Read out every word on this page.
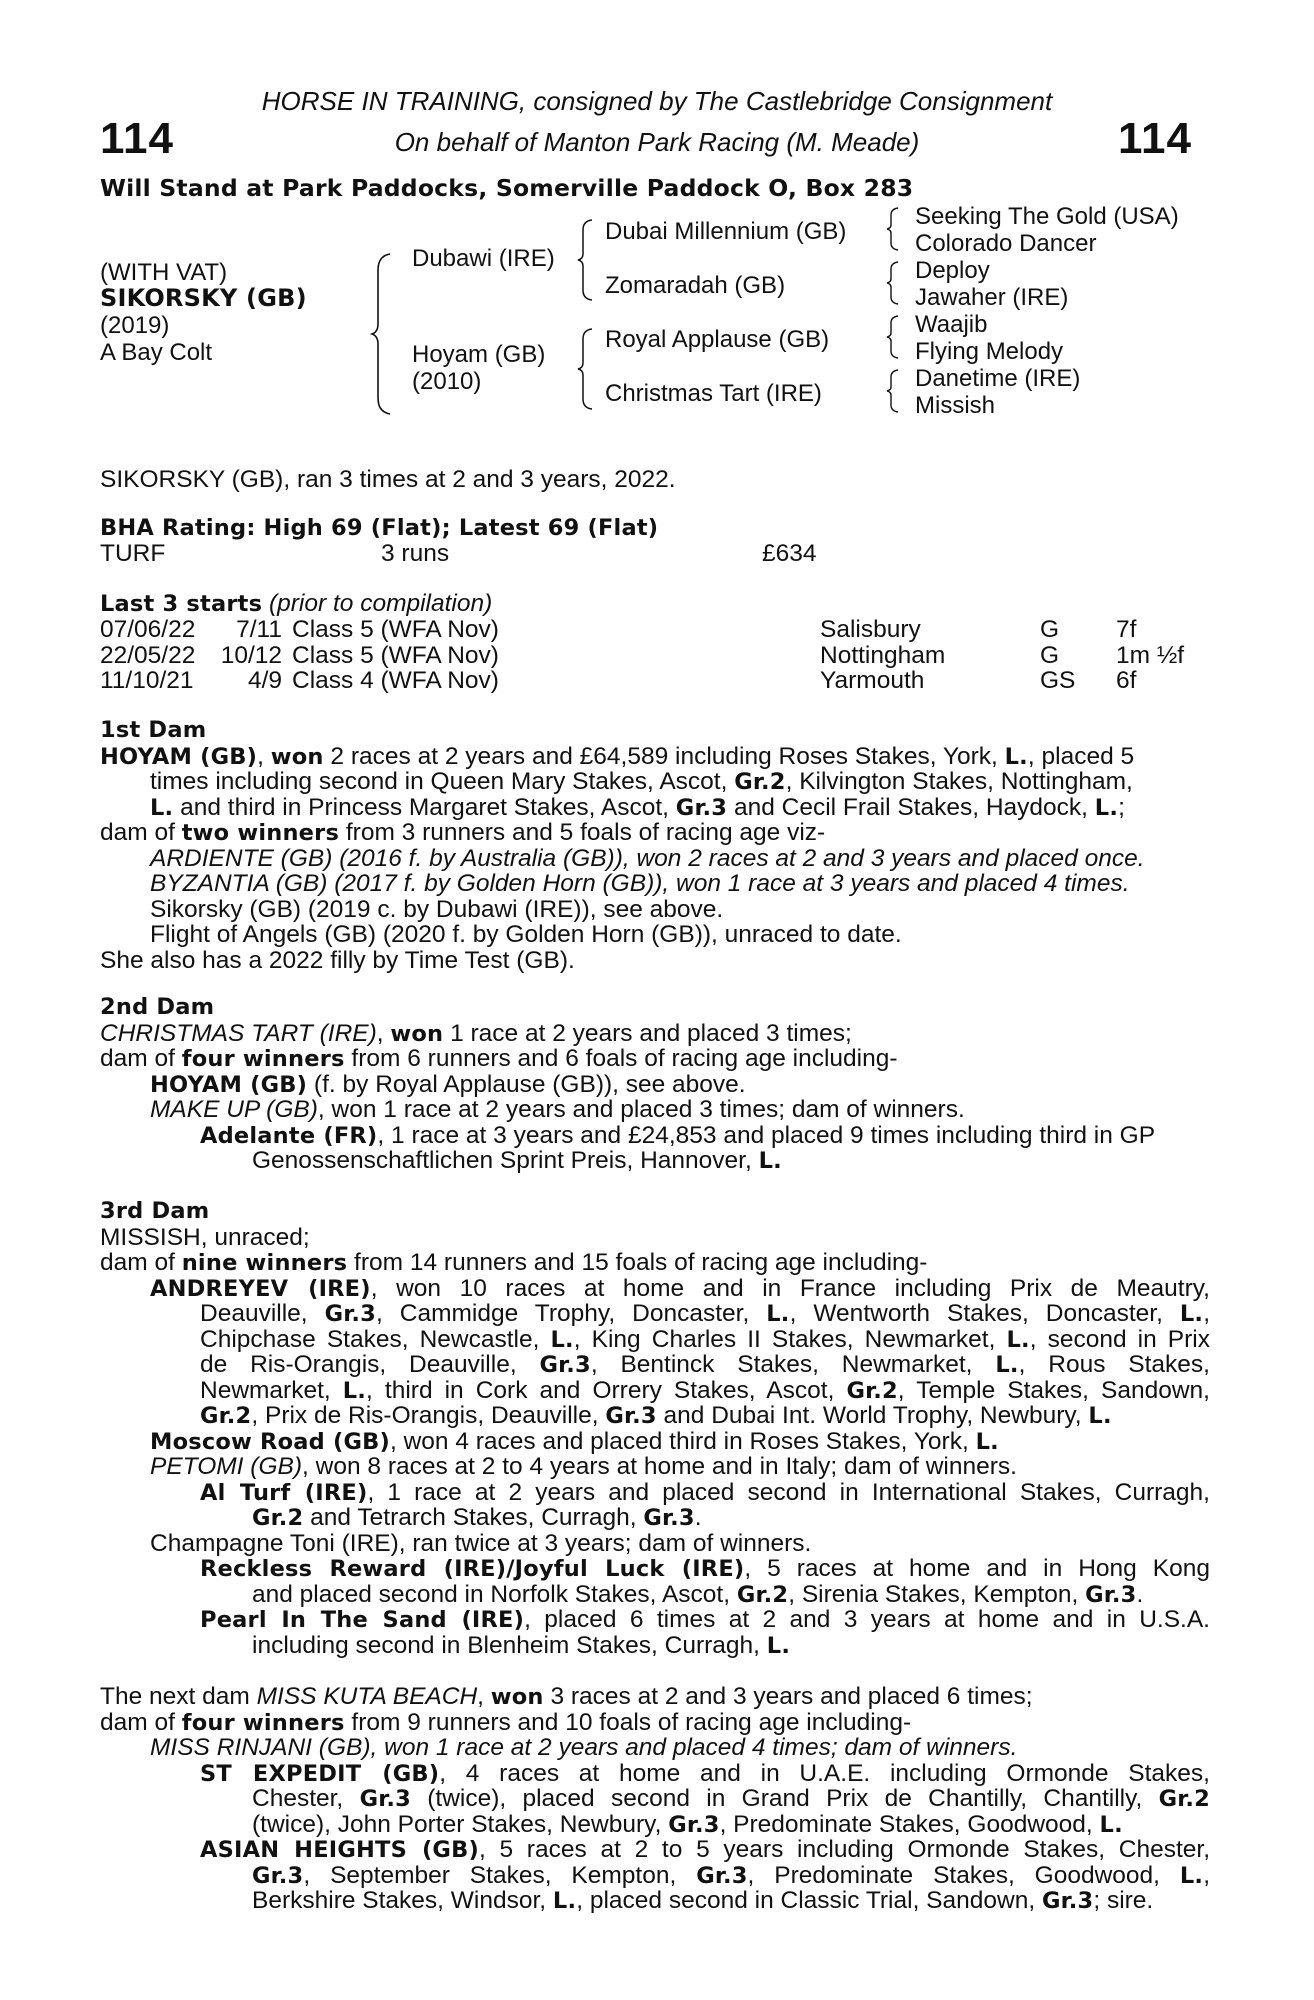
114	114
HORSE IN TRAINING, consigned by The Castlebridge Consignment
On behalf of Manton Park Racing (M. Meade)
Will Stand at Park Paddocks, Somerville Paddock O, Box 283
(WITH VAT)
SIKORSKY (GB)
(2019)
A Bay Colt
Dubawi (IRE)
Hoyam (GB)
(2010)
Dubai Millennium (GB)
Zomaradah (GB)
Royal Applause (GB)
Christmas Tart (IRE)
Seeking The Gold (USA)
Colorado Dancer
Deploy
Jawaher (IRE)
Waajib
Flying Melody
Danetime (IRE)
Missish
SIKORSKY (GB), ran 3 times at 2 and 3 years, 2022.
BHA Rating: High 69 (Flat); Latest 69 (Flat)
TURF	3 runs	£634
Last 3 starts (prior to compilation)
07/06/22	7/11 Class 5 (WFA Nov)	Salisbury	G	7f
22/05/22	10/12 Class 5 (WFA Nov)	Nottingham	G	1m ½f
11/10/21	4/9 Class 4 (WFA Nov)	Yarmouth	GS	6f
1st Dam
HOYAM (GB), won 2 races at 2 years and £64,589 including Roses Stakes, York, L., placed 5
times including second in Queen Mary Stakes, Ascot, Gr.2, Kilvington Stakes, Nottingham,
L. and third in Princess Margaret Stakes, Ascot, Gr.3 and Cecil Frail Stakes, Haydock, L.;
dam of two winners from 3 runners and 5 foals of racing age viz-
ARDIENTE (GB) (2016 f. by Australia (GB)), won 2 races at 2 and 3 years and placed once.
BYZANTIA (GB) (2017 f. by Golden Horn (GB)), won 1 race at 3 years and placed 4 times.
Sikorsky (GB) (2019 c. by Dubawi (IRE)), see above.
Flight of Angels (GB) (2020 f. by Golden Horn (GB)), unraced to date.
She also has a 2022 filly by Time Test (GB).
2nd Dam
CHRISTMAS TART (IRE), won 1 race at 2 years and placed 3 times;
dam of four winners from 6 runners and 6 foals of racing age including-
HOYAM (GB) (f. by Royal Applause (GB)), see above.
MAKE UP (GB), won 1 race at 2 years and placed 3 times; dam of winners.
Adelante (FR), 1 race at 3 years and £24,853 and placed 9 times including third in GP
Genossenschaftlichen Sprint Preis, Hannover, L.
3rd Dam
MISSISH, unraced;
dam of nine winners from 14 runners and 15 foals of racing age including-
ANDREYEV (IRE), won 10 races at home and in France including Prix de Meautry,
Deauville, Gr.3, Cammidge Trophy, Doncaster, L., Wentworth Stakes, Doncaster, L.,
Chipchase Stakes, Newcastle, L., King Charles II Stakes, Newmarket, L., second in Prix
de Ris-Orangis, Deauville, Gr.3, Bentinck Stakes, Newmarket, L., Rous Stakes,
Newmarket, L., third in Cork and Orrery Stakes, Ascot, Gr.2, Temple Stakes, Sandown,
Gr.2, Prix de Ris-Orangis, Deauville, Gr.3 and Dubai Int. World Trophy, Newbury, L.
Moscow Road (GB), won 4 races and placed third in Roses Stakes, York, L.
PETOMI (GB), won 8 races at 2 to 4 years at home and in Italy; dam of winners.
Al Turf (IRE), 1 race at 2 years and placed second in International Stakes, Curragh,
Gr.2 and Tetrarch Stakes, Curragh, Gr.3.
Champagne Toni (IRE), ran twice at 3 years; dam of winners.
Reckless Reward (IRE)/Joyful Luck (IRE), 5 races at home and in Hong Kong
and placed second in Norfolk Stakes, Ascot, Gr.2, Sirenia Stakes, Kempton, Gr.3.
Pearl In The Sand (IRE), placed 6 times at 2 and 3 years at home and in U.S.A.
including second in Blenheim Stakes, Curragh, L.
The next dam MISS KUTA BEACH, won 3 races at 2 and 3 years and placed 6 times;
dam of four winners from 9 runners and 10 foals of racing age including-
MISS RINJANI (GB), won 1 race at 2 years and placed 4 times; dam of winners.
ST EXPEDIT (GB), 4 races at home and in U.A.E. including Ormonde Stakes,
Chester, Gr.3 (twice), placed second in Grand Prix de Chantilly, Chantilly, Gr.2
(twice), John Porter Stakes, Newbury, Gr.3, Predominate Stakes, Goodwood, L.
ASIAN HEIGHTS (GB), 5 races at 2 to 5 years including Ormonde Stakes, Chester,
Gr.3, September Stakes, Kempton, Gr.3, Predominate Stakes, Goodwood, L.,
Berkshire Stakes, Windsor, L., placed second in Classic Trial, Sandown, Gr.3; sire.
